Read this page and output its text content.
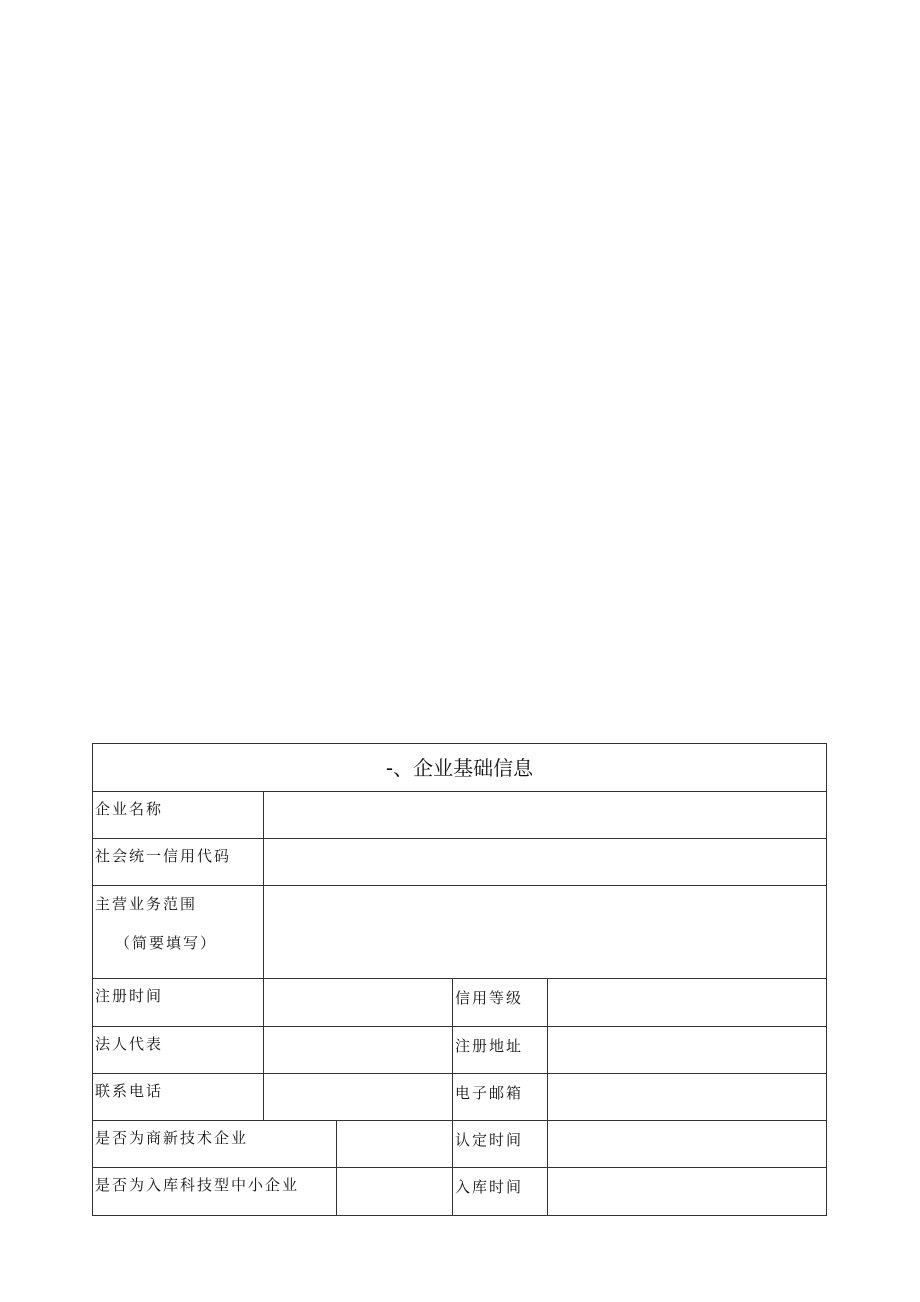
-、企业基础信息				
企业名称				
社会统一信用代码				
主营业务范围
（简要填写）				

注册时间			信用等级	
法人代表			注册地址	
联系电话			电子邮箱	
是否为商新技术企业			认定时间	
是否为入库科技型中小企业			入库时间	
